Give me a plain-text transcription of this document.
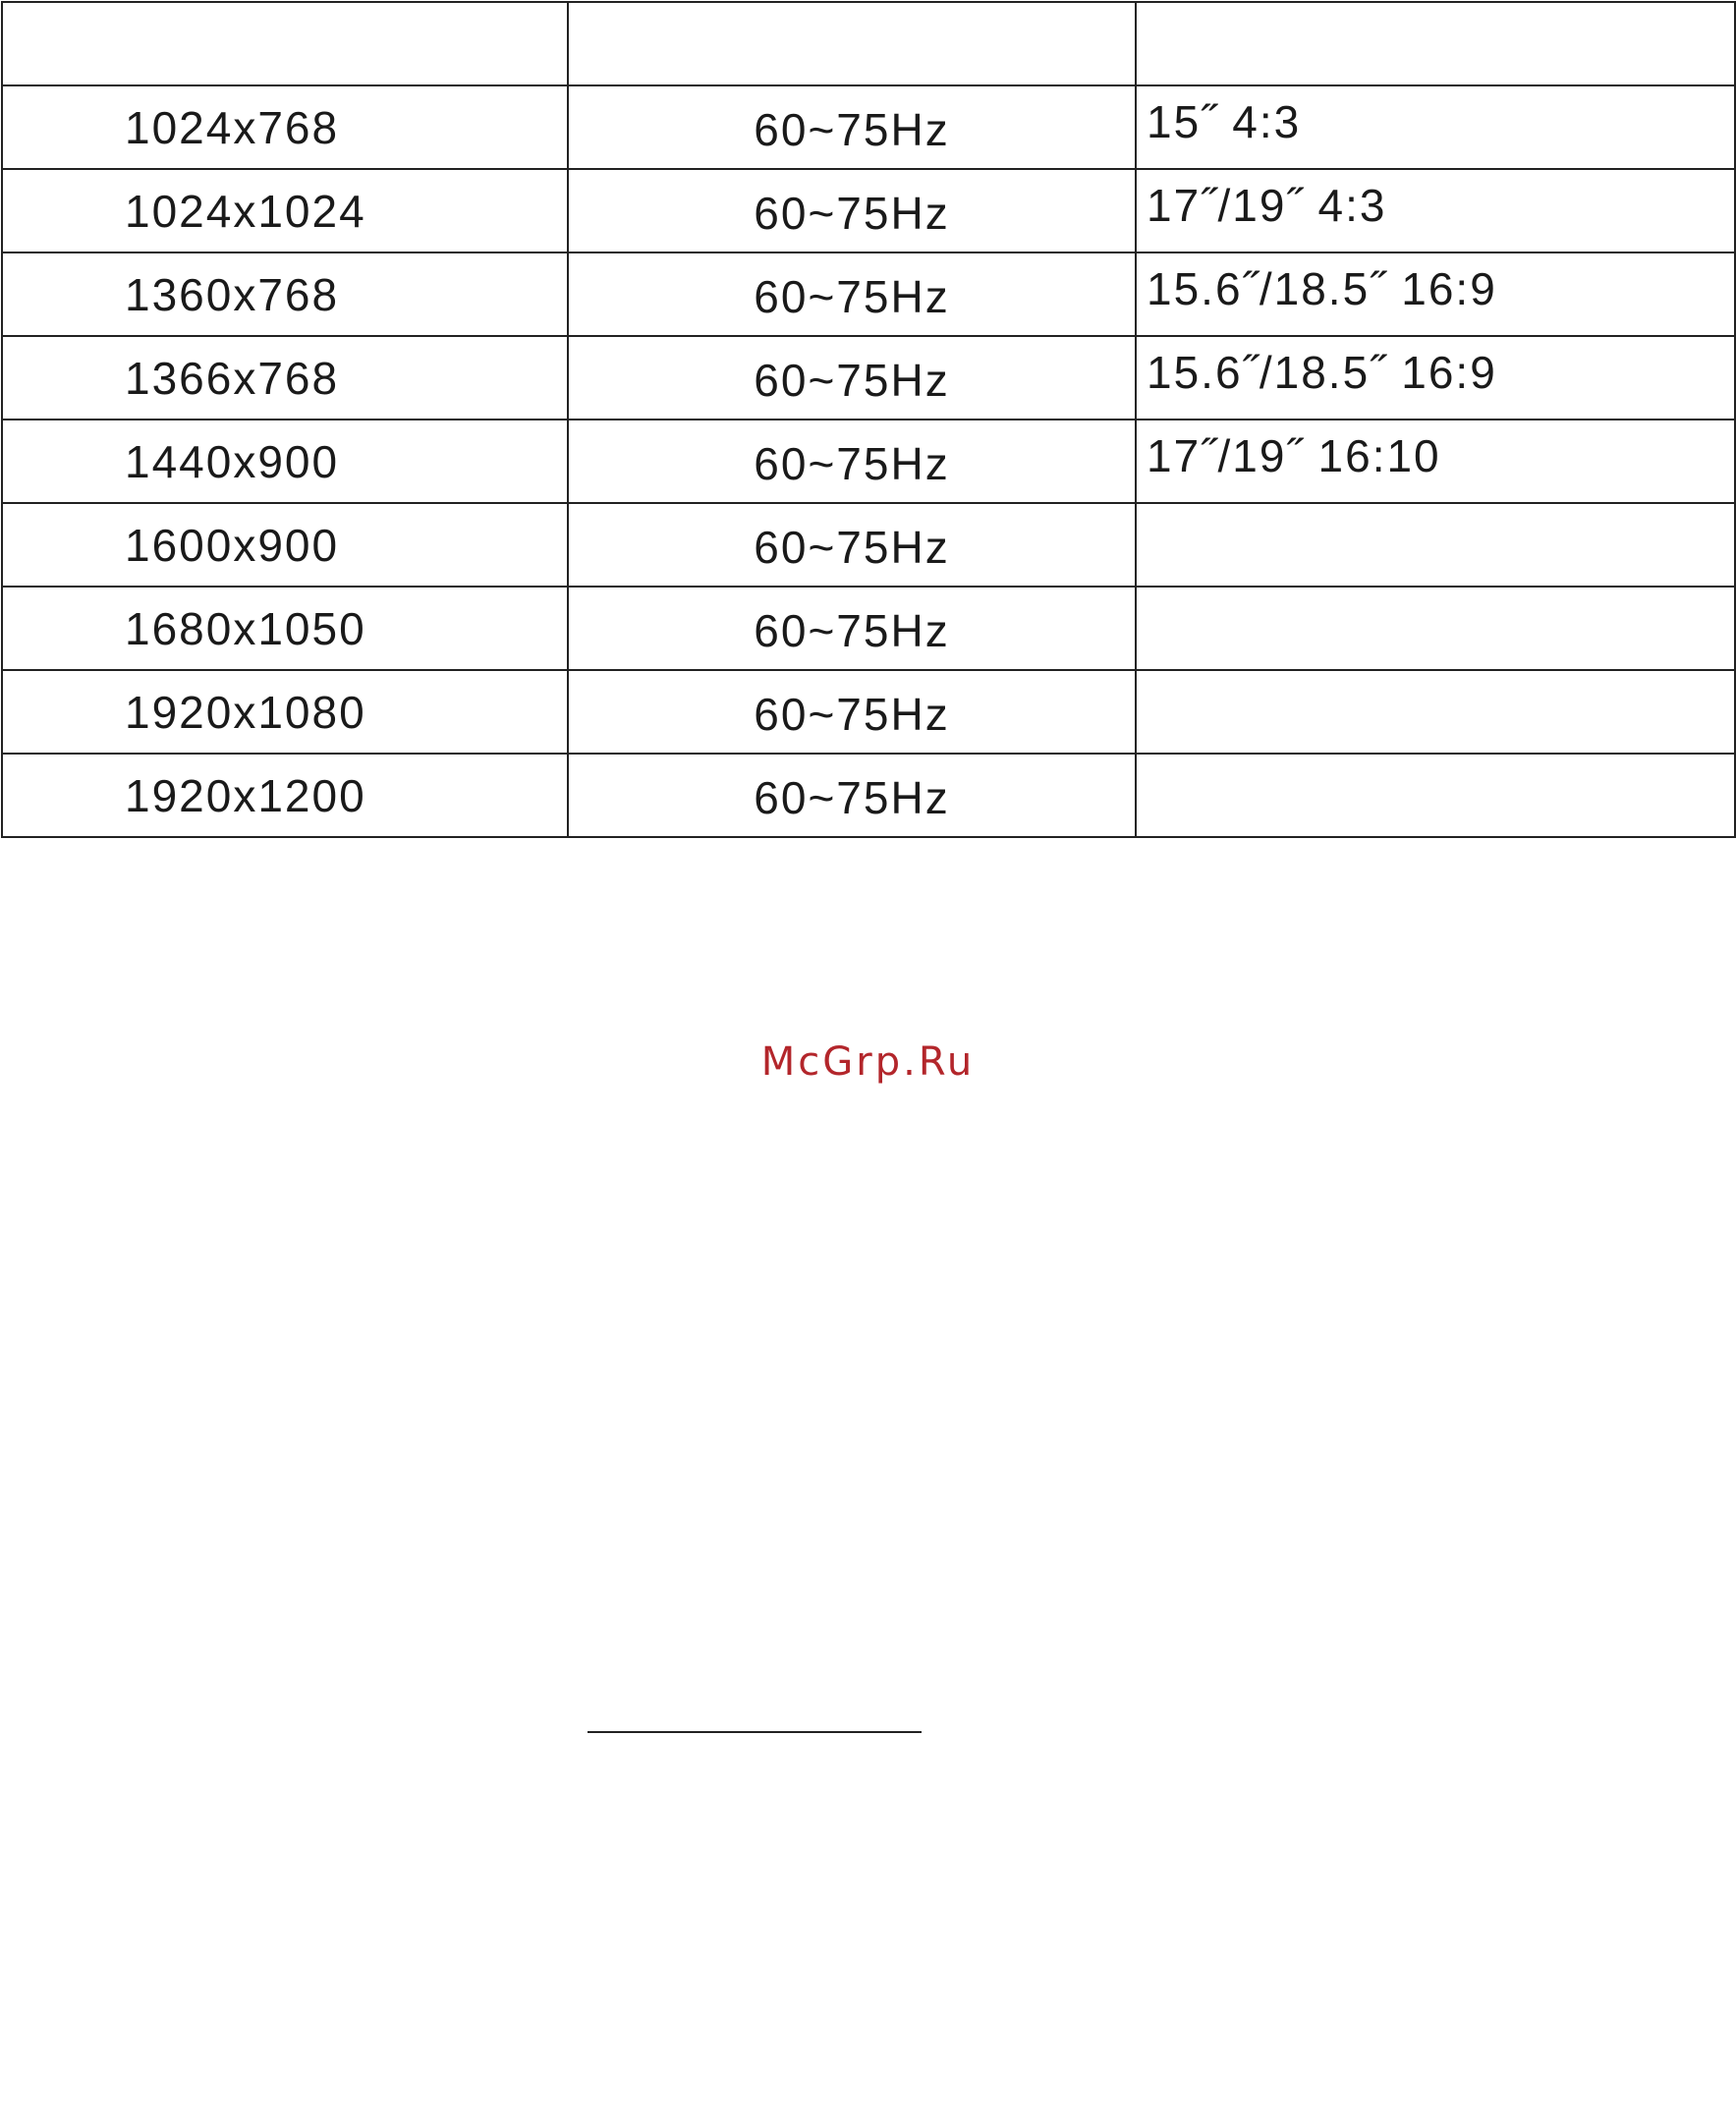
1024x768	60~75Hz	15˝ 4:3
1024x1024	60~75Hz	17˝/19˝ 4:3
1360x768	60~75Hz	15.6˝/18.5˝ 16:9
1366x768	60~75Hz	15.6˝/18.5˝ 16:9
1440x900	60~75Hz	17˝/19˝ 16:10
1600x900	60~75Hz	
1680x1050	60~75Hz	
1920x1080	60~75Hz	
1920x1200	60~75Hz	
McGrp.Ru
